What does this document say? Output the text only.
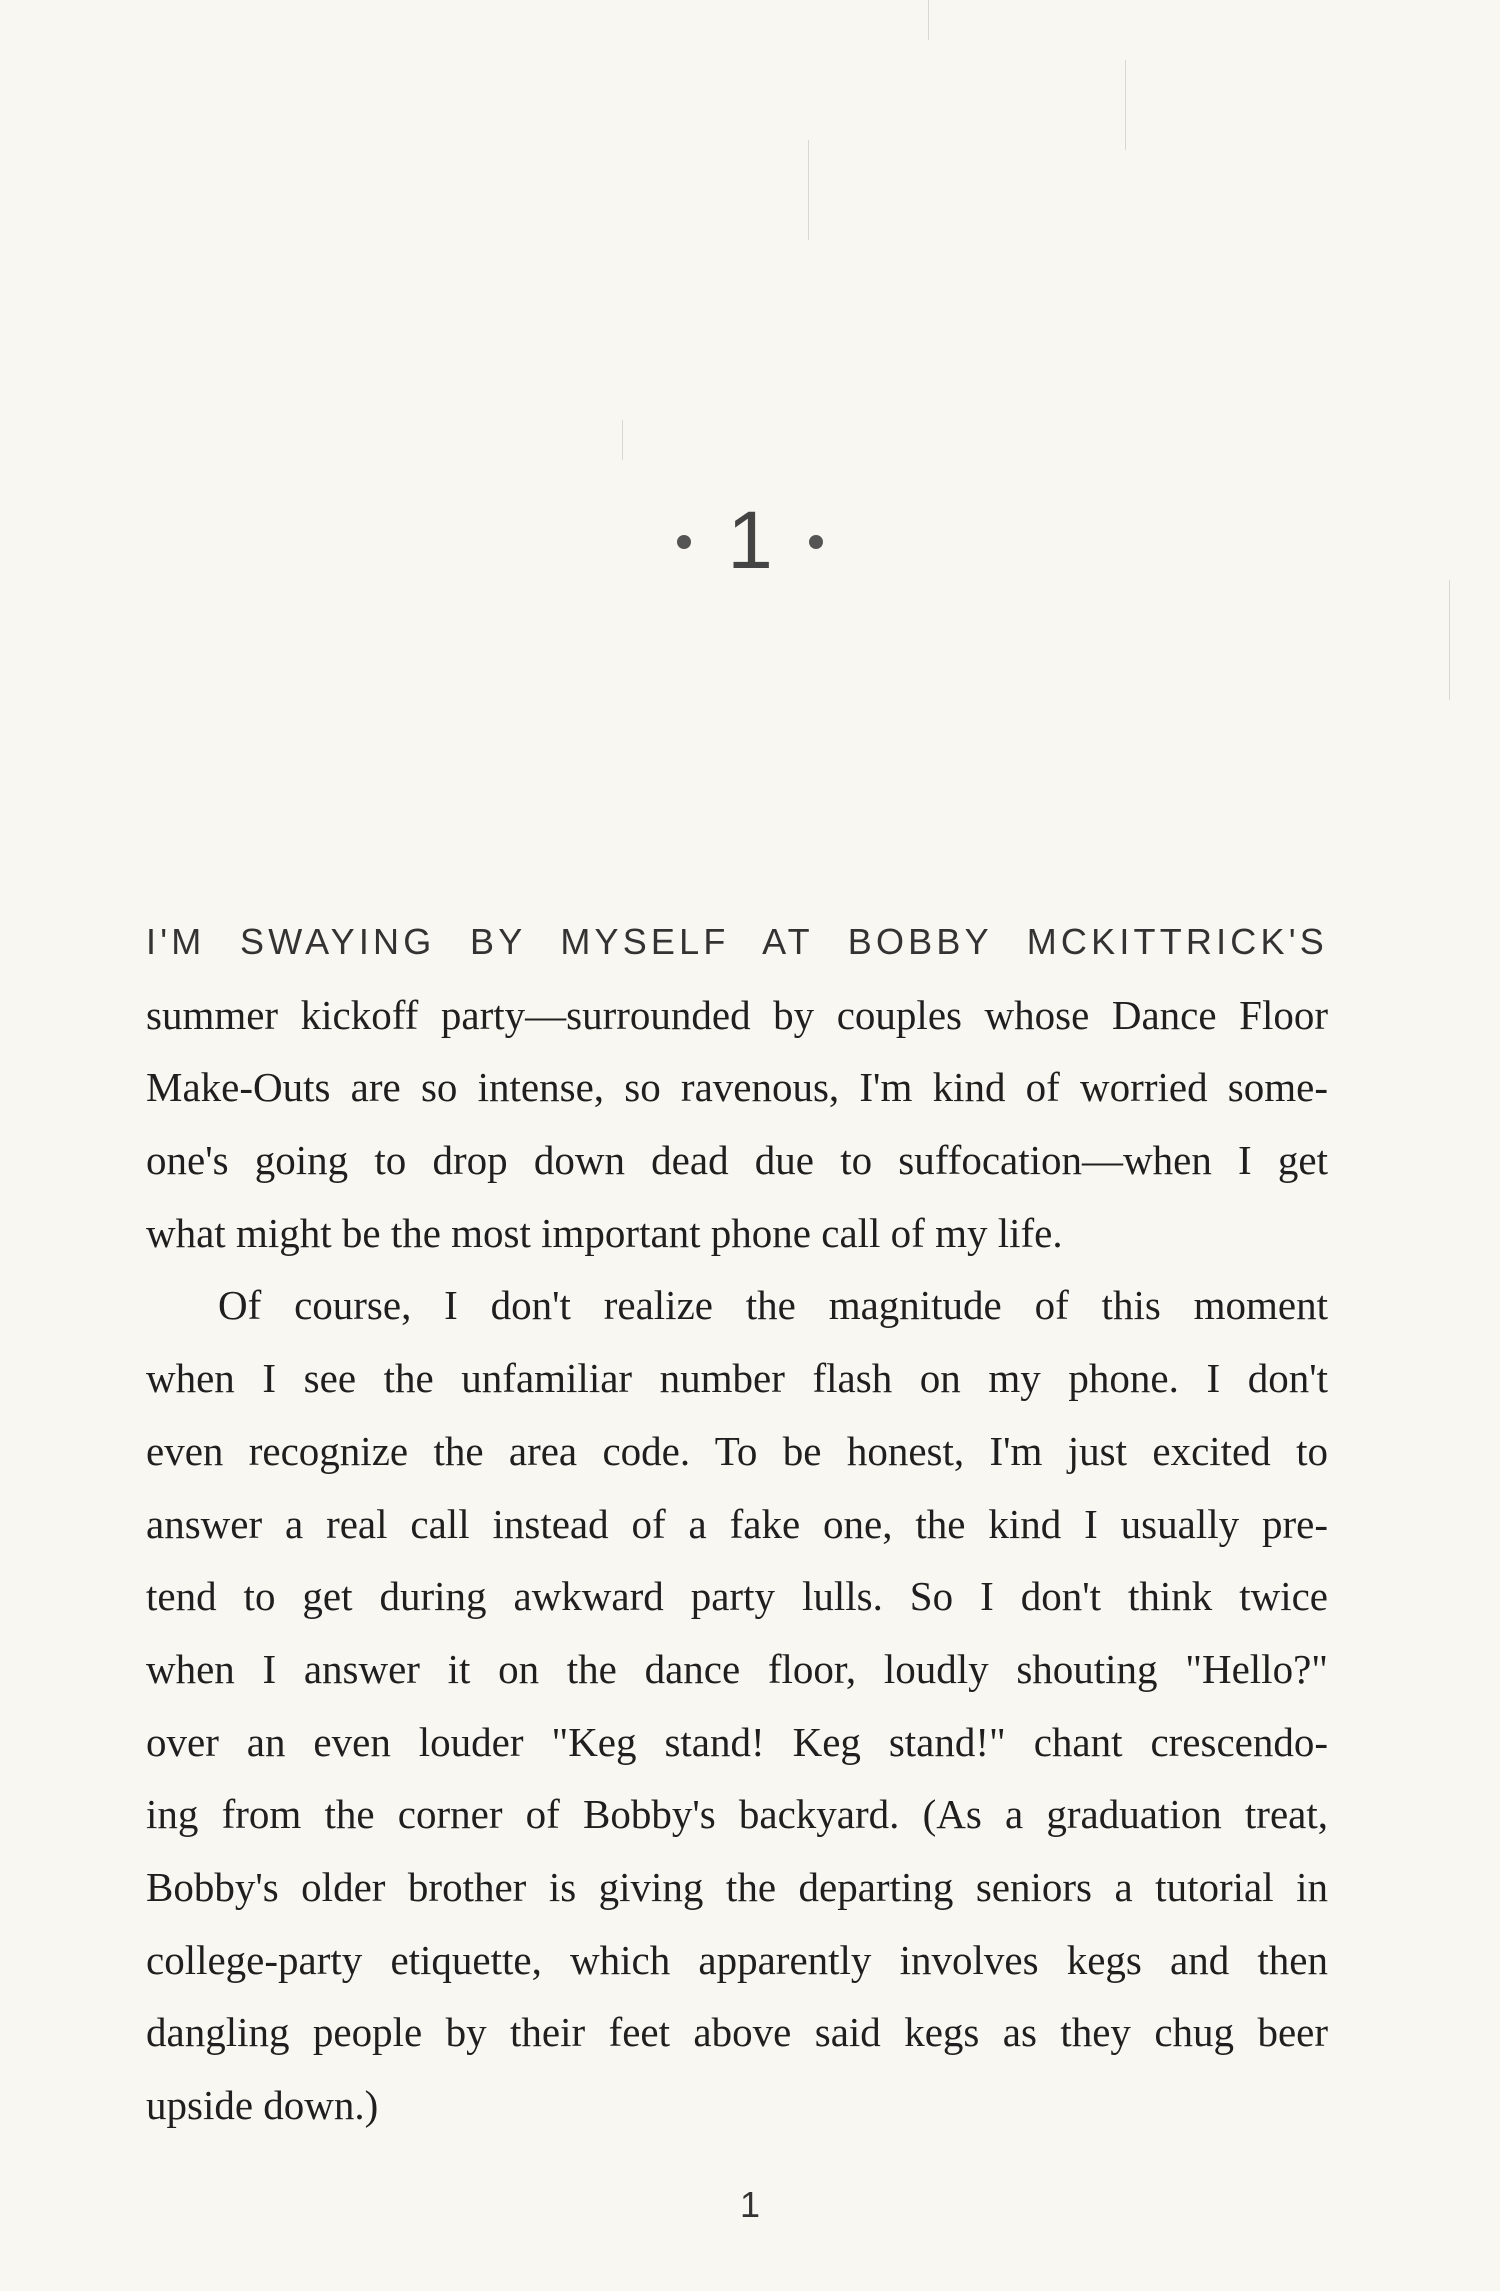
1
I'M SWAYING BY MYSELF AT BOBBY MCKITTRICK'S
summer kickoff party—surrounded by couples whose Dance Floor
Make-Outs are so intense, so ravenous, I'm kind of worried some-
one's going to drop down dead due to suffocation—when I get
what might be the most important phone call of my life.
Of course, I don't realize the magnitude of this moment
when I see the unfamiliar number flash on my phone. I don't
even recognize the area code. To be honest, I'm just excited to
answer a real call instead of a fake one, the kind I usually pre-
tend to get during awkward party lulls. So I don't think twice
when I answer it on the dance floor, loudly shouting "Hello?"
over an even louder "Keg stand! Keg stand!" chant crescendo-
ing from the corner of Bobby's backyard. (As a graduation treat,
Bobby's older brother is giving the departing seniors a tutorial in
college-party etiquette, which apparently involves kegs and then
dangling people by their feet above said kegs as they chug beer
upside down.)
1
